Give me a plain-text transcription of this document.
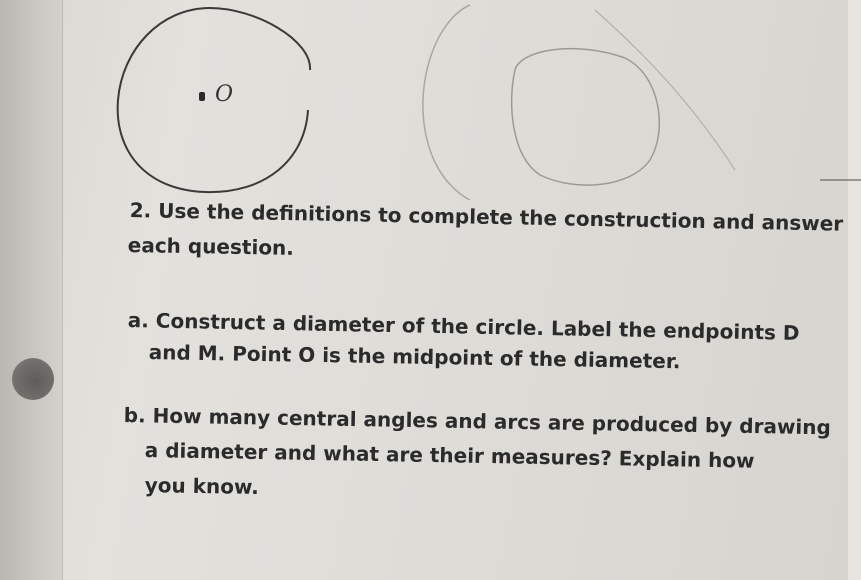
O
2. Use the definitions to complete the construction and answer
each question.
a. Construct a diameter of the circle. Label the endpoints D
and M. Point O is the midpoint of the diameter.
b. How many central angles and arcs are produced by drawing
a diameter and what are their measures? Explain how
you know.
